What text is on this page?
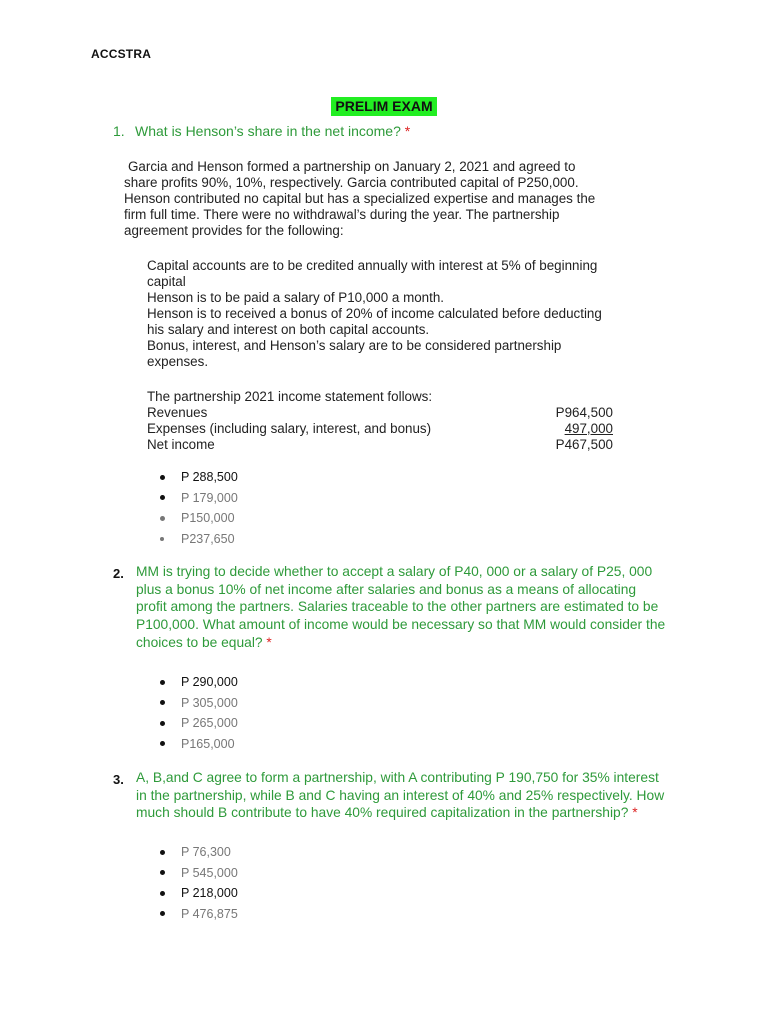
ACCSTRA
PRELIM EXAM
1. What is Henson’s share in the net income? *
Garcia and Henson formed a partnership on January 2, 2021 and agreed to
share profits 90%, 10%, respectively. Garcia contributed capital of P250,000.
Henson contributed no capital but has a specialized expertise and manages the
firm full time. There were no withdrawal’s during the year. The partnership
agreement provides for the following:

Capital accounts are to be credited annually with interest at 5% of beginning

capital

Henson is to be paid a salary of P10,000 a month.

Henson is to received a bonus of 20% of income calculated before deducting

his salary and interest on both capital accounts.

Bonus, interest, and Henson’s salary are to be considered partnership

expenses.

The partnership 2021 income statement follows:
Revenues	P964,500
Expenses (including salary, interest, and bonus)	497,000
Net income	P467,500
P 288,500
P 179,000
P150,000
P237,650
2. MM is trying to decide whether to accept a salary of P40, 000 or a salary of P25, 000
plus a bonus 10% of net income after salaries and bonus as a means of allocating
profit among the partners. Salaries traceable to the other partners are estimated to be
P100,000. What amount of income would be necessary so that MM would consider the
choices to be equal? *
P 290,000
P 305,000
P 265,000
P165,000
3. A, B,and C agree to form a partnership, with A contributing P 190,750 for 35% interest
in the partnership, while B and C having an interest of 40% and 25% respectively. How
much should B contribute to have 40% required capitalization in the partnership? *
P 76,300
P 545,000
P 218,000
P 476,875
